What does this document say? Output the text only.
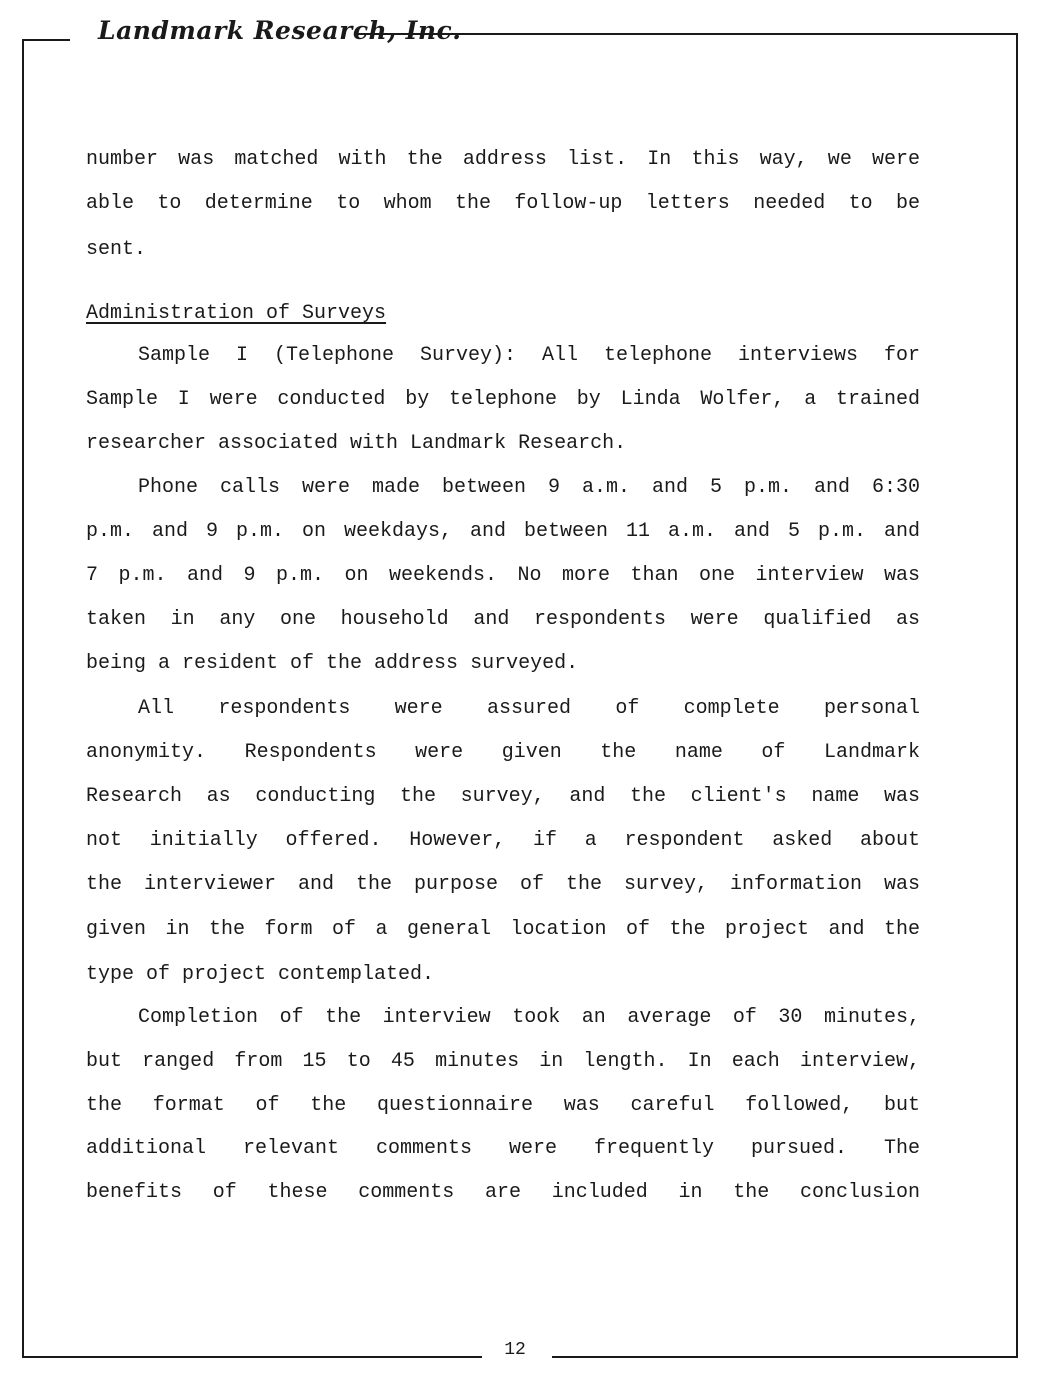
Landmark Research, Inc.
number was matched with the address list. In this way, we were
able to determine to whom the follow-up letters needed to be
sent.
Administration of Surveys
Sample I (Telephone Survey): All telephone interviews for
Sample I were conducted by telephone by Linda Wolfer, a trained
researcher associated with Landmark Research.
Phone calls were made between 9 a.m. and 5 p.m. and 6:30
p.m. and 9 p.m. on weekdays, and between 11 a.m. and 5 p.m. and
7 p.m. and 9 p.m. on weekends. No more than one interview was
taken in any one household and respondents were qualified as
being a resident of the address surveyed.
All respondents were assured of complete personal
anonymity. Respondents were given the name of Landmark
Research as conducting the survey, and the client's name was
not initially offered. However, if a respondent asked about
the interviewer and the purpose of the survey, information was
given in the form of a general location of the project and the
type of project contemplated.
Completion of the interview took an average of 30 minutes,
but ranged from 15 to 45 minutes in length. In each interview,
the format of the questionnaire was careful followed, but
additional relevant comments were frequently pursued. The
benefits of these comments are included in the conclusion
12
